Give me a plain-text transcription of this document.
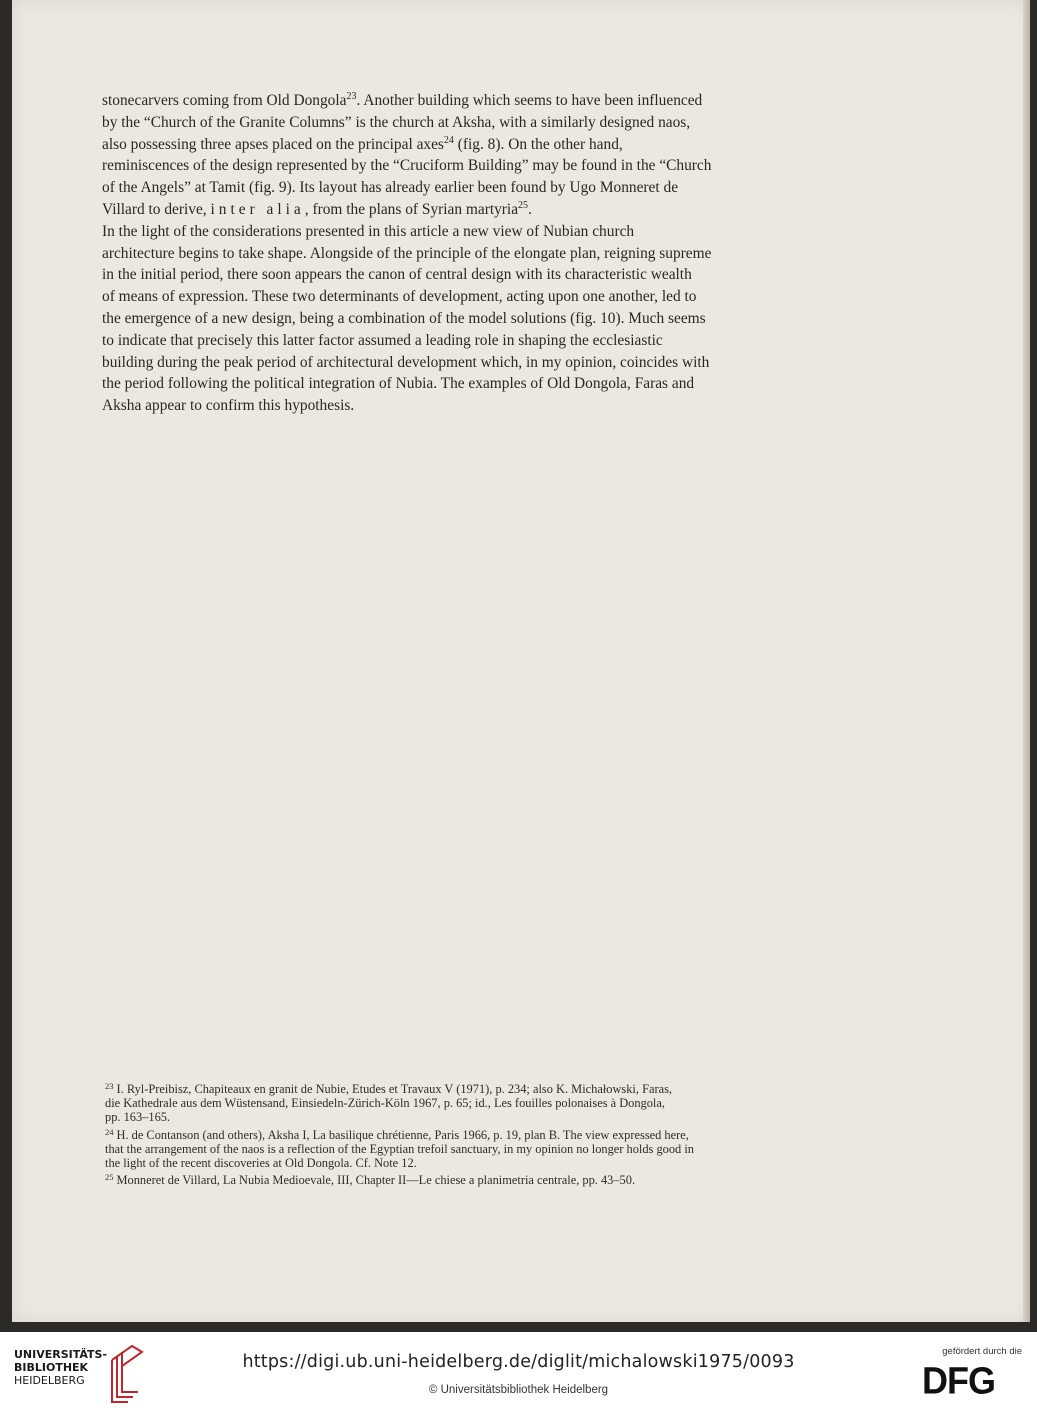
stonecarvers coming from Old Dongola$^{23}$. Another building which seems to have been influenced
by the “Church of the Granite Columns” is the church at Aksha, with a similarly designed naos,
also possessing three apses placed on the principal axes$^{24}$ (fig. 8). On the other hand,
reminiscences of the design represented by the “Cruciform Building” may be found in the “Church
of the Angels” at Tamit (fig. 9). Its layout has already earlier been found by Ugo Monneret de
Villard to derive, inter alia, from the plans of Syrian martyria$^{25}$.

In the light of the considerations presented in this article a new view of Nubian church
architecture begins to take shape. Alongside of the principle of the elongate plan, reigning supreme
in the initial period, there soon appears the canon of central design with its characteristic wealth
of means of expression. These two determinants of development, acting upon one another, led to
the emergence of a new design, being a combination of the model solutions (fig. 10). Much seems
to indicate that precisely this latter factor assumed a leading role in shaping the ecclesiastic
building during the peak period of architectural development which, in my opinion, coincides with
the period following the political integration of Nubia. The examples of Old Dongola, Faras and
Aksha appear to confirm this hypothesis.

$^{23}$ I. Ryl-Preibisz, Chapiteaux en granit de Nubie, Etudes et Travaux V (1971), p. 234; also K. Michałowski, Faras,
die Kathedrale aus dem Wüstensand, Einsiedeln-Zürich-Köln 1967, p. 65; id., Les fouilles polonaises à Dongola,
pp. 163–165.
$^{24}$ H. de Contanson (and others), Aksha I, La basilique chrétienne, Paris 1966, p. 19, plan B. The view expressed here,
that the arrangement of the naos is a reflection of the Egyptian trefoil sanctuary, in my opinion no longer holds good in
the light of the recent discoveries at Old Dongola. Cf. Note 12.
$^{25}$ Monneret de Villard, La Nubia Medioevale, III, Chapter II—Le chiese a planimetria centrale, pp. 43–50.
UNIVERSITÄTS-
BIBLIOTHEK
HEIDELBERG
https://digi.ub.uni-heidelberg.de/diglit/michalowski1975/0093
© Universitätsbibliothek Heidelberg
gefördert durch die
DFG
